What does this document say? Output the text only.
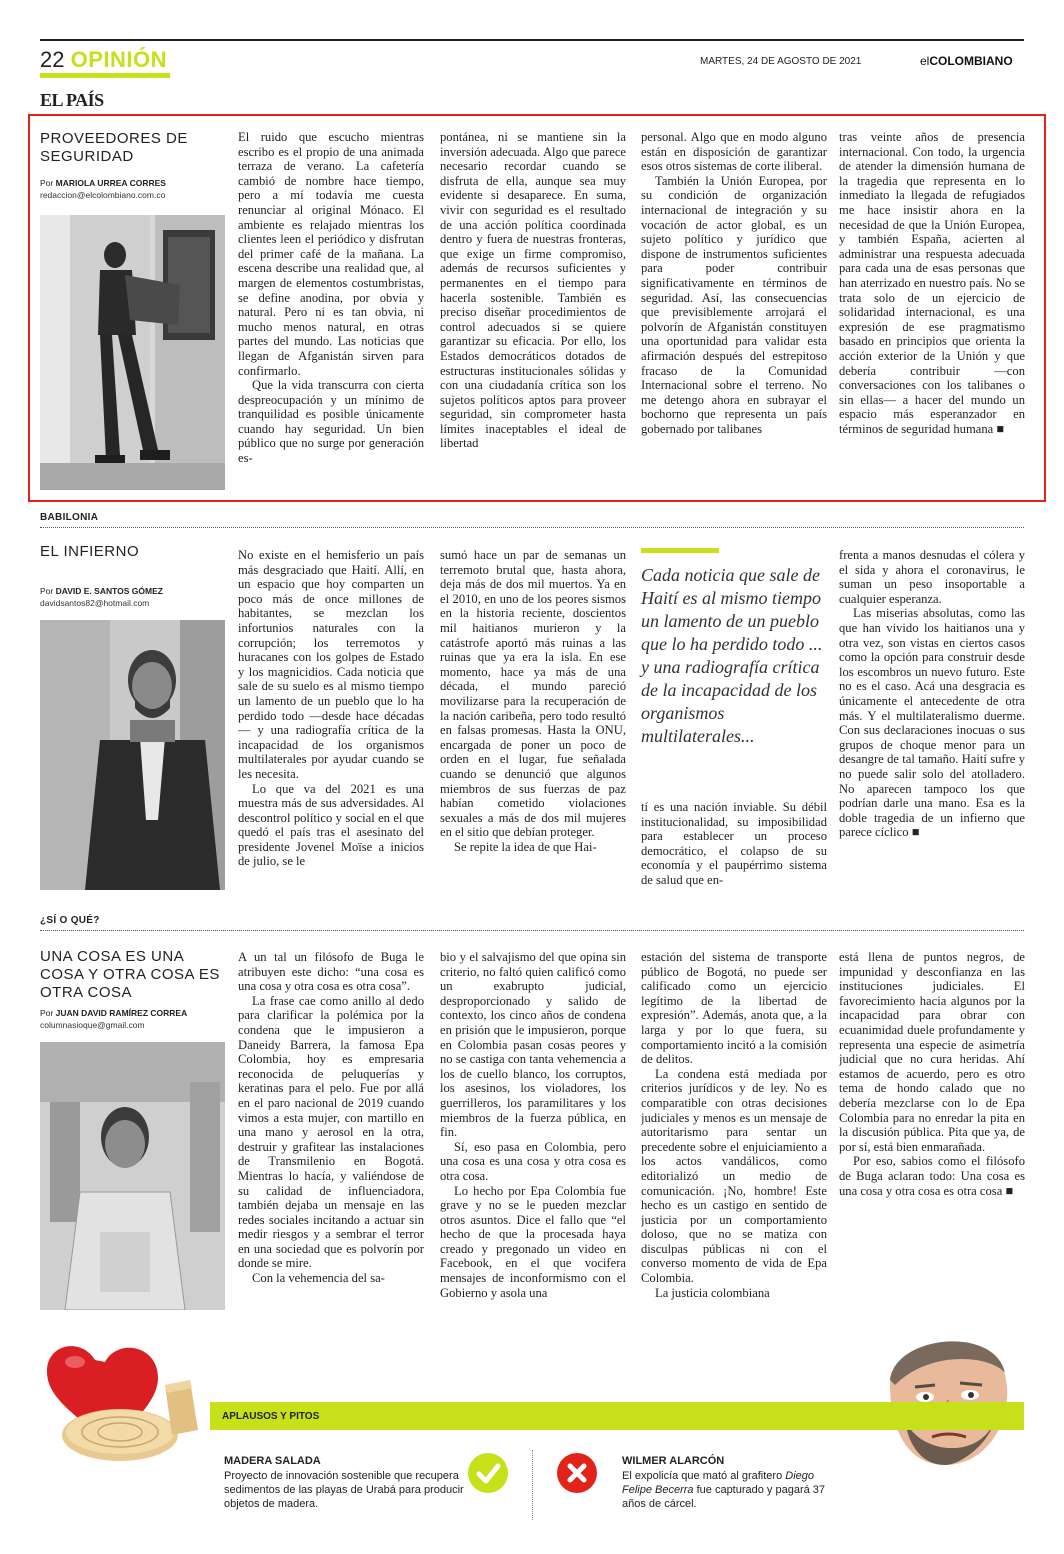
22 OPINIÓN	MARTES, 24 DE AGOSTO DE 2021	elCOLOMBIANO
EL PAÍS
PROVEEDORES DE SEGURIDAD
Por MARIOLA URREA CORRES
redaccion@elcolombiano.com.co

El ruido que escucho mientras escribo es el propio de una animada terraza de verano. La cafetería cambió de nombre hace tiempo, pero a mí todavía me cuesta renunciar al original Mónaco. El ambiente es relajado mientras los clientes leen el periódico y disfrutan del primer café de la mañana. La escena describe una realidad que, al margen de elementos costumbristas, se define anodina, por obvia y natural. Pero ni es tan obvia, ni mucho menos natural, en otras partes del mundo. Las noticias que llegan de Afganistán sirven para confirmarlo.

Que la vida transcurra con cierta despreocupación y un mínimo de tranquilidad es posible únicamente cuando hay seguridad. Un bien público que no surge por generación es-

pontánea, ni se mantiene sin la inversión adecuada. Algo que parece necesario recordar cuando se disfruta de ella, aunque sea muy evidente si desaparece. En suma, vivir con seguridad es el resultado de una acción política coordinada dentro y fuera de nuestras fronteras, que exige un firme compromiso, además de recursos suficientes y permanentes en el tiempo para hacerla sostenible. También es preciso diseñar procedimientos de control adecuados si se quiere garantizar su eficacia. Por ello, los Estados democráticos dotados de estructuras institucionales sólidas y con una ciudadanía crítica son los sujetos políticos aptos para proveer seguridad, sin comprometer hasta límites inaceptables el ideal de libertad

personal. Algo que en modo alguno están en disposición de garantizar esos otros sistemas de corte iliberal.

También la Unión Europea, por su condición de organización internacional de integración y su vocación de actor global, es un sujeto político y jurídico que dispone de instrumentos suficientes para poder contribuir significativamente en términos de seguridad. Así, las consecuencias que previsiblemente arrojará el polvorín de Afganistán constituyen una oportunidad para validar esta afirmación después del estrepitoso fracaso de la Comunidad Internacional sobre el terreno. No me detengo ahora en subrayar el bochorno que representa un país gobernado por talibanes

tras veinte años de presencia internacional. Con todo, la urgencia de atender la dimensión humana de la tragedia que representa en lo inmediato la llegada de refugiados me hace insistir ahora en la necesidad de que la Unión Europea, y también España, acierten al administrar una respuesta adecuada para cada una de esas personas que han aterrizado en nuestro país. No se trata solo de un ejercicio de solidaridad internacional, es una expresión de ese pragmatismo basado en principios que orienta la acción exterior de la Unión y que debería contribuir —con conversaciones con los talibanes o sin ellas— a hacer del mundo un espacio más esperanzador en términos de seguridad humana ■

BABILONIA
EL INFIERNO
Por DAVID E. SANTOS GÓMEZ
davidsantos82@hotmail.com

No existe en el hemisferio un país más desgraciado que Haití. Allí, en un espacio que hoy comparten un poco más de once millones de habitantes, se mezclan los infortunios naturales con la corrupción; los terremotos y huracanes con los golpes de Estado y los magnicidios. Cada noticia que sale de su suelo es al mismo tiempo un lamento de un pueblo que lo ha perdido todo —desde hace décadas— y una radiografía crítica de la incapacidad de los organismos multilaterales por ayudar cuando se les necesita.

Lo que va del 2021 es una muestra más de sus adversidades. Al descontrol político y social en el que quedó el país tras el asesinato del presidente Jovenel Moïse a inicios de julio, se le

sumó hace un par de semanas un terremoto brutal que, hasta ahora, deja más de dos mil muertos. Ya en el 2010, en uno de los peores sismos en la historia reciente, doscientos mil haitianos murieron y la catástrofe aportó más ruinas a las ruinas que ya era la isla. En ese momento, hace ya más de una década, el mundo pareció movilizarse para la recuperación de la nación caribeña, pero todo resultó en falsas promesas. Hasta la ONU, encargada de poner un poco de orden en el lugar, fue señalada cuando se denunció que algunos miembros de sus fuerzas de paz habían cometido violaciones sexuales a más de dos mil mujeres en el sitio que debían proteger.

Se repite la idea de que Hai-

Cada noticia que sale de Haití es al mismo tiempo un lamento de un pueblo que lo ha perdido todo ... y una radiografía crítica de la incapacidad de los organismos multilaterales...

tí es una nación inviable. Su débil institucionalidad, su imposibilidad para establecer un proceso democrático, el colapso de su economía y el paupérrimo sistema de salud que en-

frenta a manos desnudas el cólera y el sida y ahora el coronavirus, le suman un peso insoportable a cualquier esperanza.

Las miserias absolutas, como las que han vivido los haitianos una y otra vez, son vistas en ciertos casos como la opción para construir desde los escombros un nuevo futuro. Este no es el caso. Acá una desgracia es únicamente el antecedente de otra más. Y el multilateralismo duerme. Con sus declaraciones inocuas o sus grupos de choque menor para un desangre de tal tamaño. Haití sufre y no puede salir solo del atolladero. No aparecen tampoco los que podrían darle una mano. Esa es la doble tragedia de un infierno que parece cíclico ■

¿SÍ O QUÉ?
UNA COSA ES UNA COSA Y OTRA COSA ES OTRA COSA
Por JUAN DAVID RAMÍREZ CORREA
columnasioque@gmail.com

A un tal un filósofo de Buga le atribuyen este dicho: “una cosa es una cosa y otra cosa es otra cosa”.

La frase cae como anillo al dedo para clarificar la polémica por la condena que le impusieron a Daneidy Barrera, la famosa Epa Colombia, hoy es empresaria reconocida de peluquerías y keratinas para el pelo. Fue por allá en el paro nacional de 2019 cuando vimos a esta mujer, con martillo en una mano y aerosol en la otra, destruir y grafitear las instalaciones de Transmilenio en Bogotá. Mientras lo hacía, y valiéndose de su calidad de influenciadora, también dejaba un mensaje en las redes sociales incitando a actuar sin medir riesgos y a sembrar el terror en una sociedad que es polvorín por donde se mire.

Con la vehemencia del sa-

bio y el salvajismo del que opina sin criterio, no faltó quien calificó como un exabrupto judicial, desproporcionado y salido de contexto, los cinco años de condena en prisión que le impusieron, porque en Colombia pasan cosas peores y no se castiga con tanta vehemencia a los de cuello blanco, los corruptos, los asesinos, los violadores, los guerrilleros, los paramilitares y los miembros de la fuerza pública, en fin.

Sí, eso pasa en Colombia, pero una cosa es una cosa y otra cosa es otra cosa.

Lo hecho por Epa Colombia fue grave y no se le pueden mezclar otros asuntos. Dice el fallo que “el hecho de que la procesada haya creado y pregonado un video en Facebook, en el que vocifera mensajes de inconformismo con el Gobierno y asola una

estación del sistema de transporte público de Bogotá, no puede ser calificado como un ejercicio legítimo de la libertad de expresión”. Además, anota que, a la larga y por lo que fuera, su comportamiento incitó a la comisión de delitos.

La condena está mediada por criterios jurídicos y de ley. No es comparatible con otras decisiones judiciales y menos es un mensaje de autoritarismo para sentar un precedente sobre el enjuiciamiento a los actos vandálicos, como editorializó un medio de comunicación. ¡No, hombre! Este hecho es un castigo en sentido de justicia por un comportamiento doloso, que no se matiza con disculpas públicas ni con el converso momento de vida de Epa Colombia.

La justicia colombiana

está llena de puntos negros, de impunidad y desconfianza en las instituciones judiciales. El favorecimiento hacia algunos por la incapacidad para obrar con ecuanimidad duele profundamente y representa una especie de asimetría judicial que no cura heridas. Ahí estamos de acuerdo, pero es otro tema de hondo calado que no debería mezclarse con lo de Epa Colombia para no enredar la pita en la discusión pública. Pita que ya, de por sí, está bien enmarañada.

Por eso, sabios como el filósofo de Buga aclaran todo: Una cosa es una cosa y otra cosa es otra cosa ■

APLAUSOS Y PITOS
MADERA SALADA
Proyecto de innovación sostenible que recupera sedimentos de las playas de Urabá para producir objetos de madera.
WILMER ALARCÓN
El expolicía que mató al grafitero Diego Felipe Becerra fue capturado y pagará 37 años de cárcel.
